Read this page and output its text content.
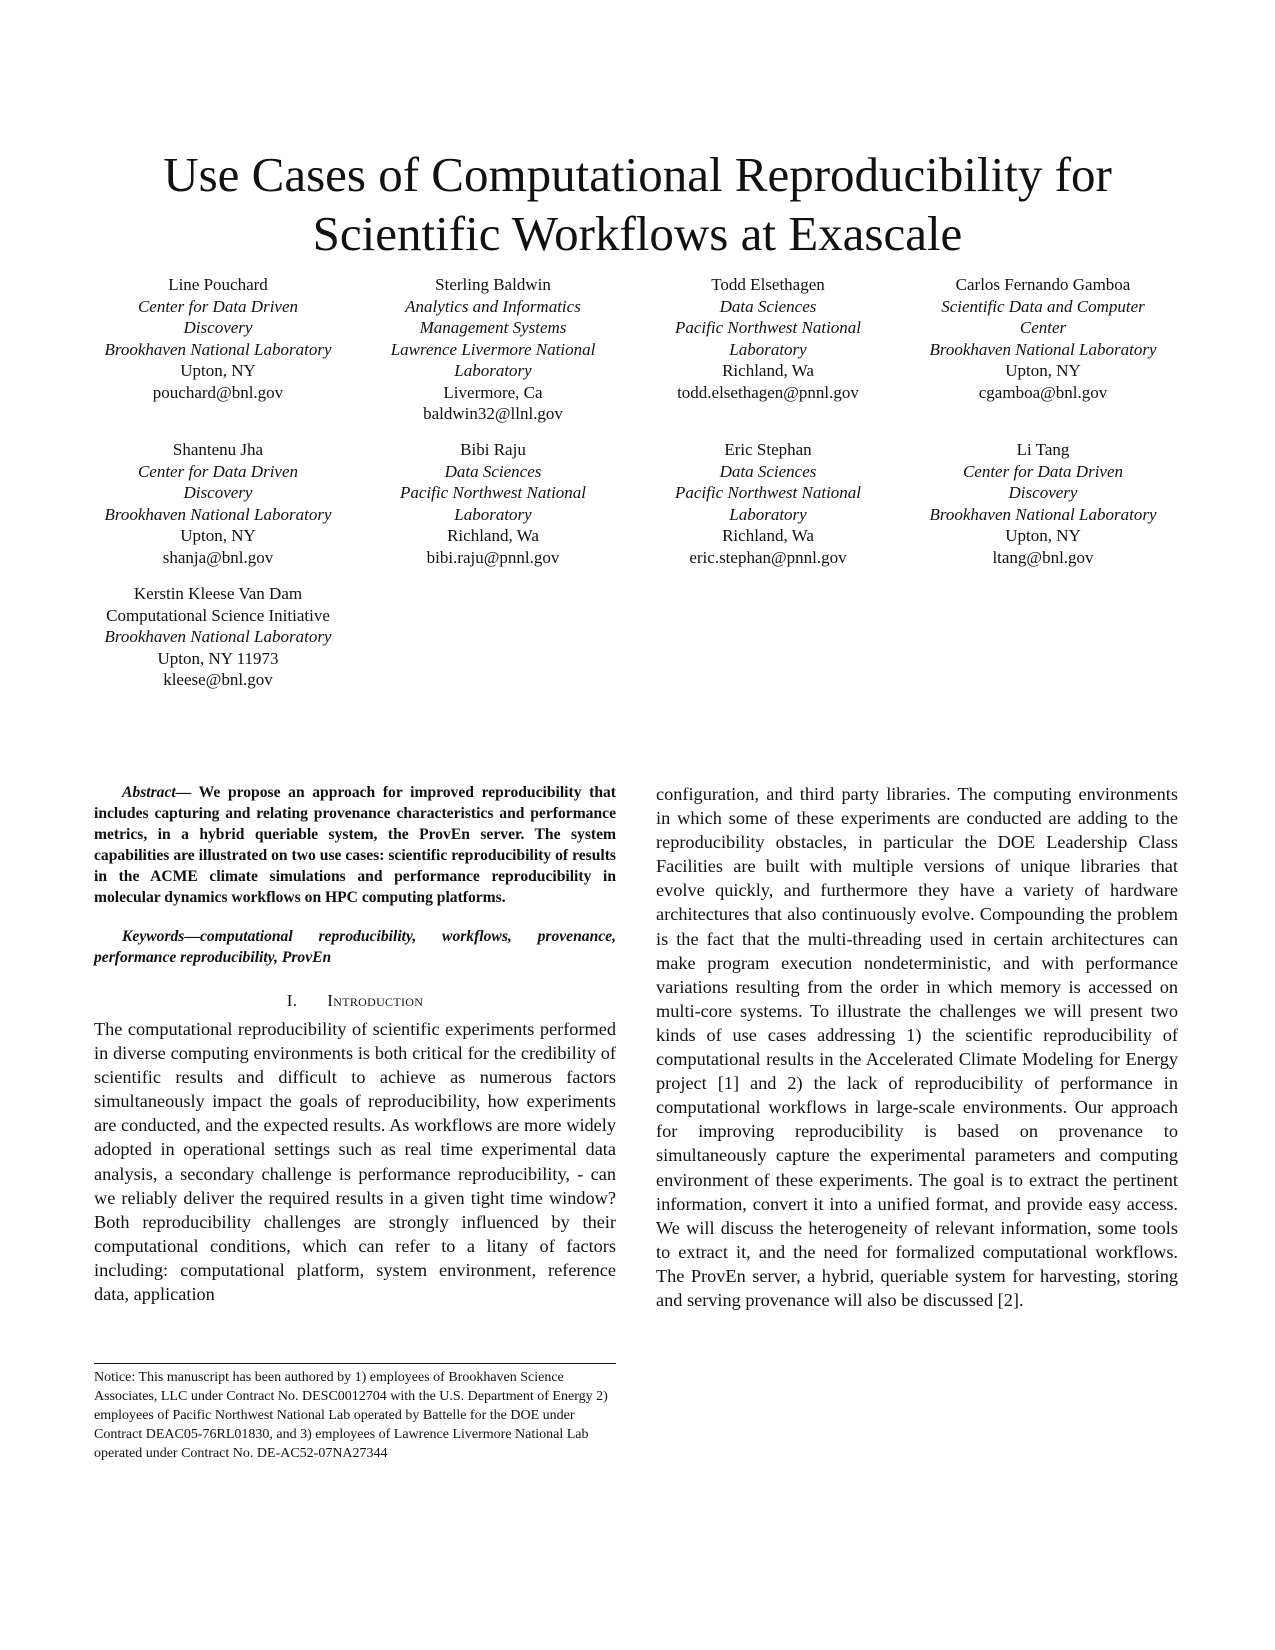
Use Cases of Computational Reproducibility for
Scientific Workflows at Exascale
Line Pouchard
Center for Data Driven
Discovery
Brookhaven National Laboratory
Upton, NY
pouchard@bnl.gov
Sterling Baldwin
Analytics and Informatics
Management Systems
Lawrence Livermore National
Laboratory
Livermore, Ca
baldwin32@llnl.gov
Todd Elsethagen
Data Sciences
Pacific Northwest National
Laboratory
Richland, Wa
todd.elsethagen@pnnl.gov
Carlos Fernando Gamboa
Scientific Data and Computer
Center
Brookhaven National Laboratory
Upton, NY
cgamboa@bnl.gov
Shantenu Jha
Center for Data Driven
Discovery
Brookhaven National Laboratory
Upton, NY
shanja@bnl.gov
Bibi Raju
Data Sciences
Pacific Northwest National
Laboratory
Richland, Wa
bibi.raju@pnnl.gov
Eric Stephan
Data Sciences
Pacific Northwest National
Laboratory
Richland, Wa
eric.stephan@pnnl.gov
Li Tang
Center for Data Driven
Discovery
Brookhaven National Laboratory
Upton, NY
ltang@bnl.gov
Kerstin Kleese Van Dam
Computational Science Initiative
Brookhaven National Laboratory
Upton, NY 11973
kleese@bnl.gov

Abstract— We propose an approach for improved reproducibility that includes capturing and relating provenance characteristics and performance metrics, in a hybrid queriable system, the ProvEn server. The system capabilities are illustrated on two use cases: scientific reproducibility of results in the ACME climate simulations and performance reproducibility in molecular dynamics workflows on HPC computing platforms.

Keywords—computational reproducibility, workflows, provenance, performance reproducibility, ProvEn

I. Introduction

The computational reproducibility of scientific experiments performed in diverse computing environments is both critical for the credibility of scientific results and difficult to achieve as numerous factors simultaneously impact the goals of reproducibility, how experiments are conducted, and the expected results. As workflows are more widely adopted in operational settings such as real time experimental data analysis, a secondary challenge is performance reproducibility, - can we reliably deliver the required results in a given tight time window? Both reproducibility challenges are strongly influenced by their computational conditions, which can refer to a litany of factors including: computational platform, system environment, reference data, application

Notice: This manuscript has been authored by 1) employees of Brookhaven Science Associates, LLC under Contract No. DESC0012704 with the U.S. Department of Energy 2) employees of Pacific Northwest National Lab operated by Battelle for the DOE under Contract DEAC05-76RL01830, and 3) employees of Lawrence Livermore National Lab operated under Contract No. DE-AC52-07NA27344

configuration, and third party libraries. The computing environments in which some of these experiments are conducted are adding to the reproducibility obstacles, in particular the DOE Leadership Class Facilities are built with multiple versions of unique libraries that evolve quickly, and furthermore they have a variety of hardware architectures that also continuously evolve. Compounding the problem is the fact that the multi-threading used in certain architectures can make program execution nondeterministic, and with performance variations resulting from the order in which memory is accessed on multi-core systems. To illustrate the challenges we will present two kinds of use cases addressing 1) the scientific reproducibility of computational results in the Accelerated Climate Modeling for Energy project [1] and 2) the lack of reproducibility of performance in computational workflows in large-scale environments. Our approach for improving reproducibility is based on provenance to simultaneously capture the experimental parameters and computing environment of these experiments. The goal is to extract the pertinent information, convert it into a unified format, and provide easy access. We will discuss the heterogeneity of relevant information, some tools to extract it, and the need for formalized computational workflows. The ProvEn server, a hybrid, queriable system for harvesting, storing and serving provenance will also be discussed [2].
